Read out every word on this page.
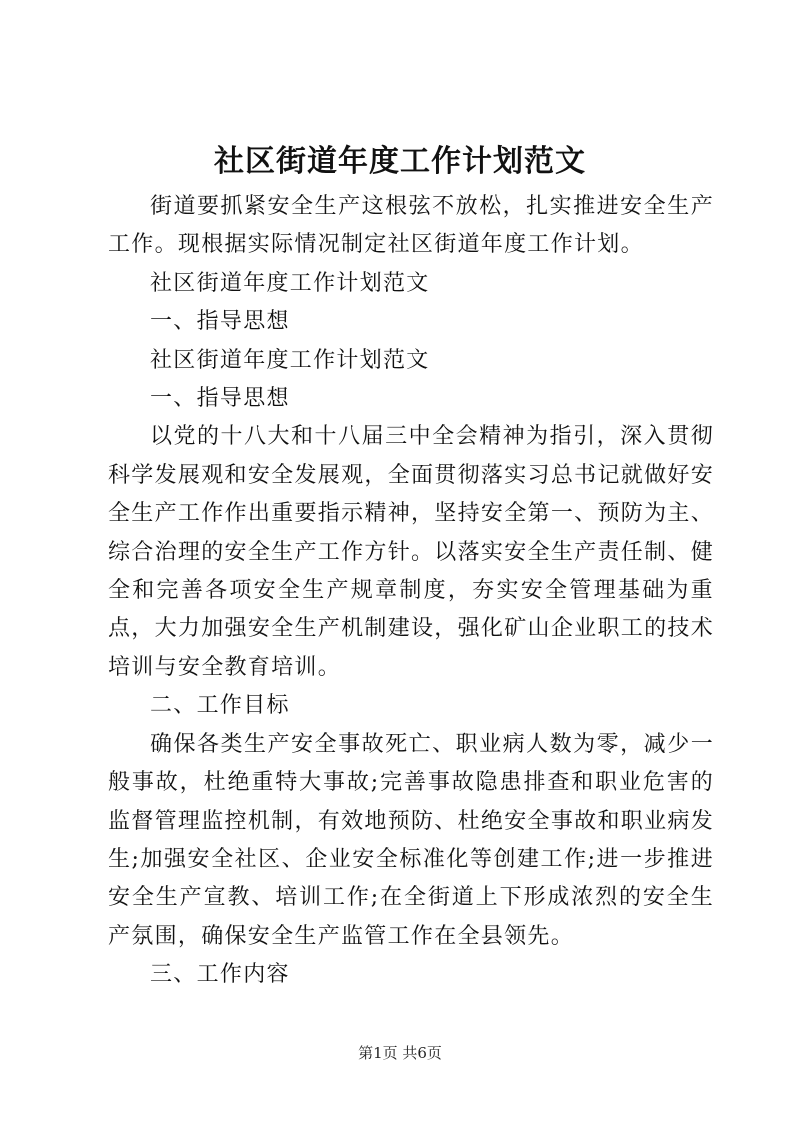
社区街道年度工作计划范文

街道要抓紧安全生产这根弦不放松，扎实推进安全生产工作。现根据实际情况制定社区街道年度工作计划。

社区街道年度工作计划范文

一、指导思想

社区街道年度工作计划范文

一、指导思想

以党的十八大和十八届三中全会精神为指引，深入贯彻科学发展观和安全发展观，全面贯彻落实习总书记就做好安全生产工作作出重要指示精神，坚持安全第一、预防为主、综合治理的安全生产工作方针。以落实安全生产责任制、健全和完善各项安全生产规章制度，夯实安全管理基础为重点，大力加强安全生产机制建设，强化矿山企业职工的技术培训与安全教育培训。

二、工作目标

确保各类生产安全事故死亡、职业病人数为零，减少一般事故，杜绝重特大事故;完善事故隐患排查和职业危害的监督管理监控机制，有效地预防、杜绝安全事故和职业病发生;加强安全社区、企业安全标准化等创建工作;进一步推进安全生产宣教、培训工作;在全街道上下形成浓烈的安全生产氛围，确保安全生产监管工作在全县领先。

三、工作内容

第1页 共6页
